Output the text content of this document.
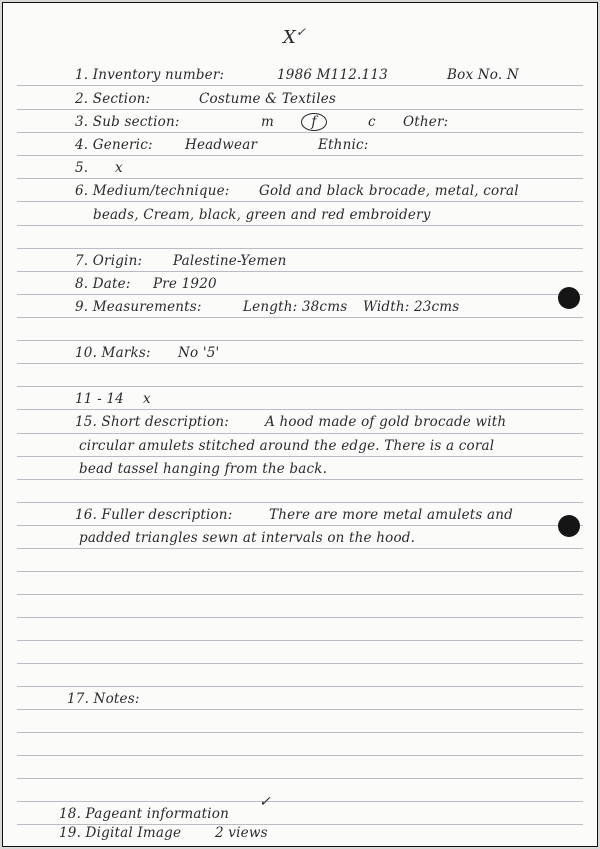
X✓
1. Inventory number:	1986 M112.113	Box No. N
2. Section:	Costume & Textiles
3. Sub section:	m	f	c Other:
4. Generic: Headwear	Ethnic:
5. x
6. Medium/technique: Gold and black brocade, metal, coral
beads, Cream, black, green and red embroidery
7. Origin: Palestine-Yemen
8. Date: Pre 1920
9. Measurements:	Length: 38cms Width: 23cms
10. Marks: No '5'
11 - 14 x
15. Short description:	A hood made of gold brocade with
circular amulets stitched around the edge. There is a coral
bead tassel hanging from the back.
16. Fuller description:	There are more metal amulets and
padded triangles sewn at intervals on the hood.
17. Notes:
18. Pageant information
✓
19. Digital Image	2 views
